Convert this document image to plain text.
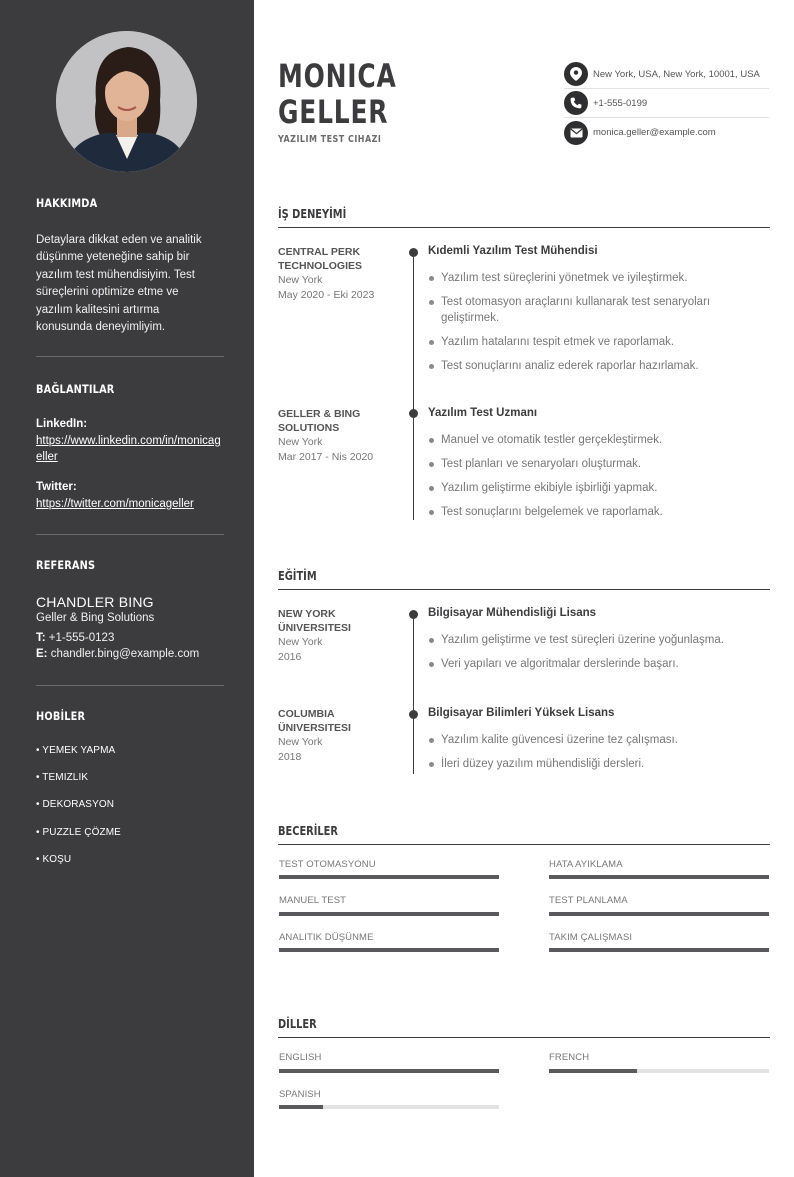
HAKKIMDA
Detaylara dikkat eden ve analitik düşünme yeteneğine sahip bir yazılım test mühendisiyim. Test süreçlerini optimize etme ve yazılım kalitesini artırma konusunda deneyimliyim.
BAĞLANTILAR
LinkedIn:
https://www.linkedin.com/in/monicageller
Twitter:
https://twitter.com/monicageller
REFERANS
CHANDLER BING
Geller & Bing Solutions
T: +1-555-0123
E: chandler.bing@example.com
HOBİLER
• YEMEK YAPMA
• TEMIZLIK
• DEKORASYON
• PUZZLE ÇÖZME
• KOŞU
MONICA
GELLER
YAZILIM TEST CIHAZI
New York, USA, New York, 10001, USA
+1-555-0199
monica.geller@example.com
İŞ DENEYİMİ
CENTRAL PERK TECHNOLOGIES
New York
May 2020 - Eki 2023
Kıdemli Yazılım Test Mühendisi
Yazılım test süreçlerini yönetmek ve iyileştirmek.
Test otomasyon araçlarını kullanarak test senaryoları geliştirmek.
Yazılım hatalarını tespit etmek ve raporlamak.
Test sonuçlarını analiz ederek raporlar hazırlamak.
GELLER & BING SOLUTIONS
New York
Mar 2017 - Nis 2020
Yazılım Test Uzmanı
Manuel ve otomatik testler gerçekleştirmek.
Test planları ve senaryoları oluşturmak.
Yazılım geliştirme ekibiyle işbirliği yapmak.
Test sonuçlarını belgelemek ve raporlamak.
EĞİTİM
NEW YORK ÜNIVERSITESI
New York
2016
Bilgisayar Mühendisliği Lisans
Yazılım geliştirme ve test süreçleri üzerine yoğunlaşma.
Veri yapıları ve algoritmalar derslerinde başarı.
COLUMBIA ÜNIVERSITESI
New York
2018
Bilgisayar Bilimleri Yüksek Lisans
Yazılım kalite güvencesi üzerine tez çalışması.
İleri düzey yazılım mühendisliği dersleri.
BECERİLER
TEST OTOMASYONU	HATA AYIKLAMA
MANUEL TEST	TEST PLANLAMA
ANALITIK DÜŞÜNME	TAKIM ÇALIŞMASI
DİLLER
ENGLISH	FRENCH
SPANISH
